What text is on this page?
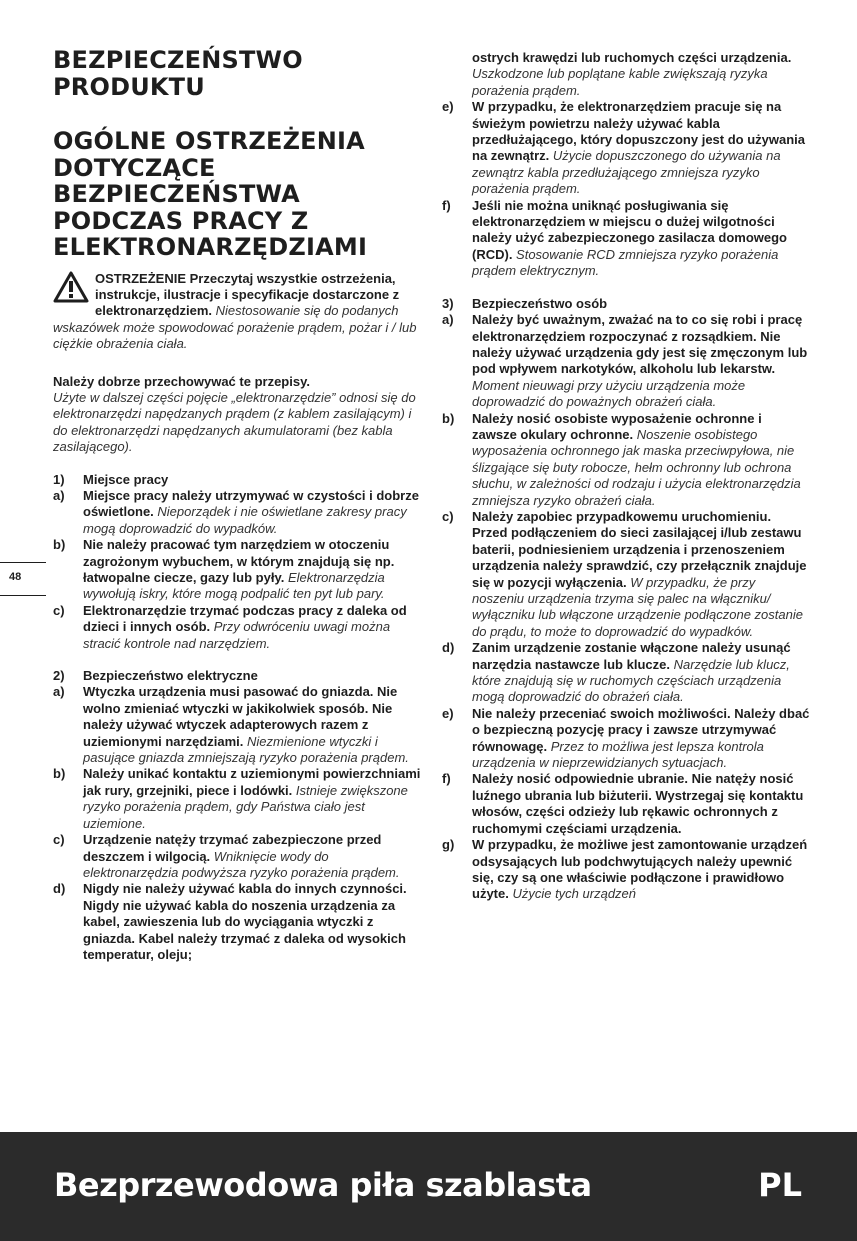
BEZPIECZEŃSTWO PRODUKTU
OGÓLNE OSTRZEŻENIA DOTYCZĄCE BEZPIECZEŃSTWA PODCZAS PRACY Z ELEKTRONARZĘDZIAMI

OSTRZEŻENIE Przeczytaj wszystkie ostrzeżenia, instrukcje, ilustracje i specyfikacje dostarczone z elektronarzędziem. Niestosowanie się do podanych wskazówek może spowodować porażenie prądem, pożar i / lub ciężkie obrażenia ciała.

Należy dobrze przechowywać te przepisy.

Użyte w dalszej części pojęcie „elektronarzędzie” odnosi się do elektronarzędzi napędzanych prądem (z kablem zasilającym) i do elektronarzędzi napędzanych akumulatorami (bez kabla zasilającego).

1)	Miejsce pracy
a)	Miejsce pracy należy utrzymywać w czystości i dobrze oświetlone. Nieporządek i nie oświetlane zakresy pracy mogą doprowadzić do wypadków.
b)	Nie należy pracować tym narzędziem w otoczeniu zagrożonym wybuchem, w którym znajdują się np. łatwopalne ciecze, gazy lub pyły. Elektronarzędzia wywołują iskry, które mogą podpalić ten pyt lub pary.
c)	Elektronarzędzie trzymać podczas pracy z daleka od dzieci i innych osób. Przy odwróceniu uwagi można stracić kontrole nad narzędziem.
2)	Bezpieczeństwo elektryczne
a)	Wtyczka urządzenia musi pasować do gniazda. Nie wolno zmieniać wtyczki w jakikolwiek sposób. Nie należy używać wtyczek adapterowych razem z uziemionymi narzędziami. Niezmienione wtyczki i pasujące gniazda zmniejszają ryzyko porażenia prądem.
b)	Należy unikać kontaktu z uziemionymi powierzchniami jak rury, grzejniki, piece i lodówki. Istnieje zwiększone ryzyko porażenia prądem, gdy Państwa ciało jest uziemione.
c)	Urządzenie natęży trzymać zabezpieczone przed deszczem i wilgocią. Wniknięcie wody do elektronarzędzia podwyższa ryzyko porażenia prądem.
d)	Nigdy nie należy używać kabla do innych czynności. Nigdy nie używać kabla do noszenia urządzenia za kabel, zawieszenia lub do wyciągania wtyczki z gniazda. Kabel należy trzymać z daleka od wysokich temperatur, oleju;
ostrych krawędzi lub ruchomych części urządzenia. Uszkodzone lub poplątane kable zwiększają ryzyka porażenia prądem.
e)	W przypadku, że elektronarzędziem pracuje się na świeżym powietrzu należy używać kabla przedłużającego, który dopuszczony jest do używania na zewnątrz. Użycie dopuszczonego do używania na zewnątrz kabla przedłużającego zmniejsza ryzyko porażenia prądem.
f)	Jeśli nie można uniknąć posługiwania się elektronarzędziem w miejscu o dużej wilgotności należy użyć zabezpieczonego zasilacza domowego (RCD). Stosowanie RCD zmniejsza ryzyko porażenia prądem elektrycznym.
3)	Bezpieczeństwo osób
a)	Należy być uważnym, zważać na to co się robi i pracę elektronarzędziem rozpoczynać z rozsądkiem. Nie należy używać urządzenia gdy jest się zmęczonym lub pod wpływem narkotyków, alkoholu lub lekarstw. Moment nieuwagi przy użyciu urządzenia może doprowadzić do poważnych obrażeń ciała.
b)	Należy nosić osobiste wyposażenie ochronne i zawsze okulary ochronne. Noszenie osobistego wyposażenia ochronnego jak maska przeciwpyłowa, nie ślizgające się buty robocze, hełm ochronny lub ochrona słuchu, w zależności od rodzaju i użycia elektronarzędzia zmniejsza ryzyko obrażeń ciała.
c)	Należy zapobiec przypadkowemu uruchomieniu. Przed podłączeniem do sieci zasilającej i/lub zestawu baterii, podniesieniem urządzenia i przenoszeniem urządzenia należy sprawdzić, czy przełącznik znajduje się w pozycji wyłączenia. W przypadku, że przy noszeniu urządzenia trzyma się palec na włączniku/ wyłączniku lub włączone urządzenie podłączone zostanie do prądu, to może to doprowadzić do wypadków.
d)	Zanim urządzenie zostanie włączone należy usunąć narzędzia nastawcze lub klucze. Narzędzie lub klucz, które znajdują się w ruchomych częściach urządzenia mogą doprowadzić do obrażeń ciała.
e)	Nie należy przeceniać swoich możliwości. Należy dbać o bezpieczną pozycję pracy i zawsze utrzymywać równowagę. Przez to możliwa jest lepsza kontrola urządzenia w nieprzewidzianych sytuacjach.
f)	Należy nosić odpowiednie ubranie. Nie natęży nosić luźnego ubrania lub biżuterii. Wystrzegaj się kontaktu włosów, części odzieży lub rękawic ochronnych z ruchomymi częściami urządzenia.
g)	W przypadku, że możliwe jest zamontowanie urządzeń odsysających lub podchwytujących należy upewnić się, czy są one właściwie podłączone i prawidłowo użyte. Użycie tych urządzeń
48
Bezprzewodowa piła szablasta	PL
